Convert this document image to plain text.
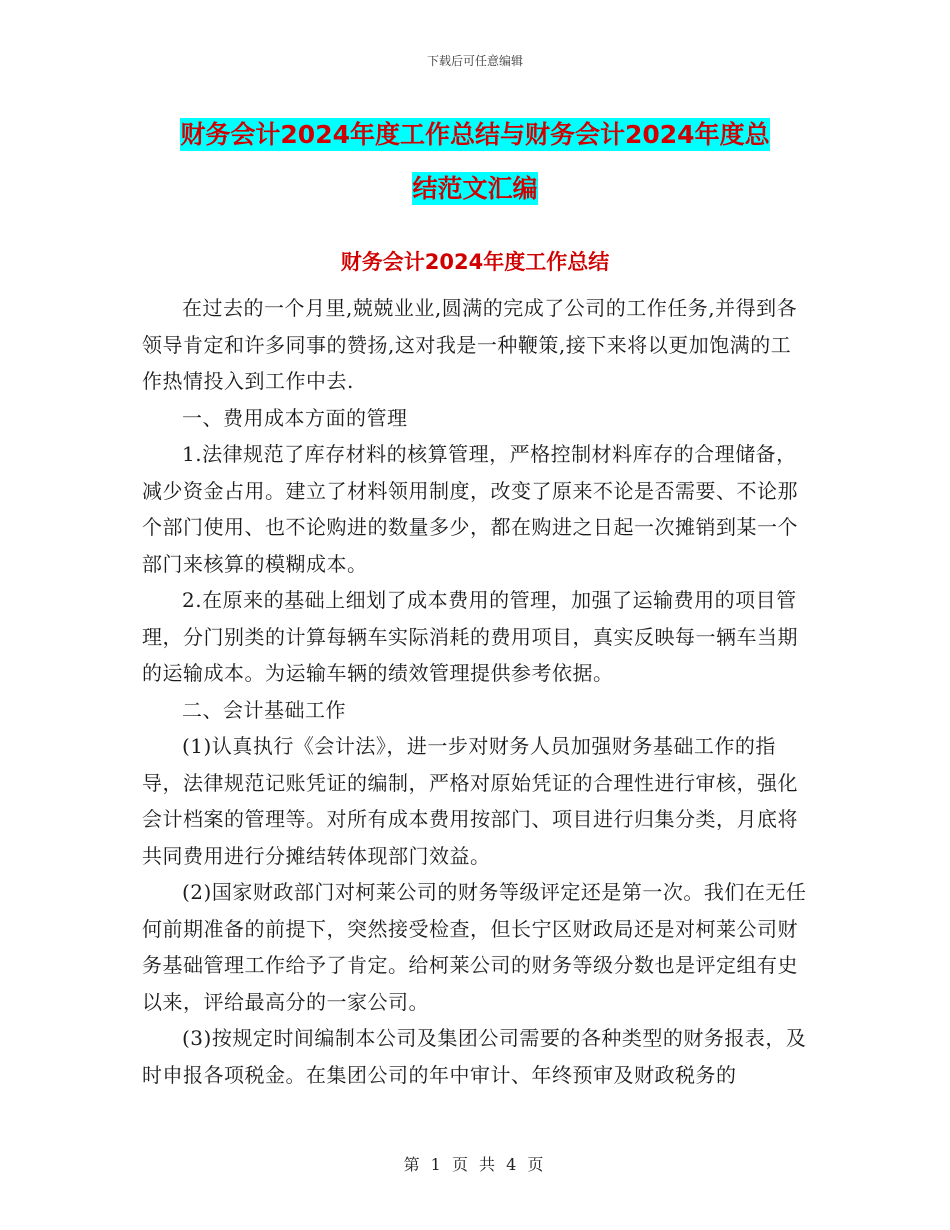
下载后可任意编辑
财务会计2024年度工作总结与财务会计2024年度总
结范文汇编
财务会计2024年度工作总结

在过去的一个月里,兢兢业业,圆满的完成了公司的工作任务,并得到各领导肯定和许多同事的赞扬,这对我是一种鞭策,接下来将以更加饱满的工作热情投入到工作中去.

一、费用成本方面的管理

1.法律规范了库存材料的核算管理，严格控制材料库存的合理储备，减少资金占用。建立了材料领用制度，改变了原来不论是否需要、不论那个部门使用、也不论购进的数量多少，都在购进之日起一次摊销到某一个部门来核算的模糊成本。

2.在原来的基础上细划了成本费用的管理，加强了运输费用的项目管理，分门别类的计算每辆车实际消耗的费用项目，真实反映每一辆车当期的运输成本。为运输车辆的绩效管理提供参考依据。

二、会计基础工作

(1)认真执行《会计法》，进一步对财务人员加强财务基础工作的指导，法律规范记账凭证的编制，严格对原始凭证的合理性进行审核，强化会计档案的管理等。对所有成本费用按部门、项目进行归集分类，月底将共同费用进行分摊结转体现部门效益。

(2)国家财政部门对柯莱公司的财务等级评定还是第一次。我们在无任何前期准备的前提下，突然接受检查，但长宁区财政局还是对柯莱公司财务基础管理工作给予了肯定。给柯莱公司的财务等级分数也是评定组有史以来，评给最高分的一家公司。

(3)按规定时间编制本公司及集团公司需要的各种类型的财务报表，及时申报各项税金。在集团公司的年中审计、年终预审及财政税务的

第 1 页 共 4 页
